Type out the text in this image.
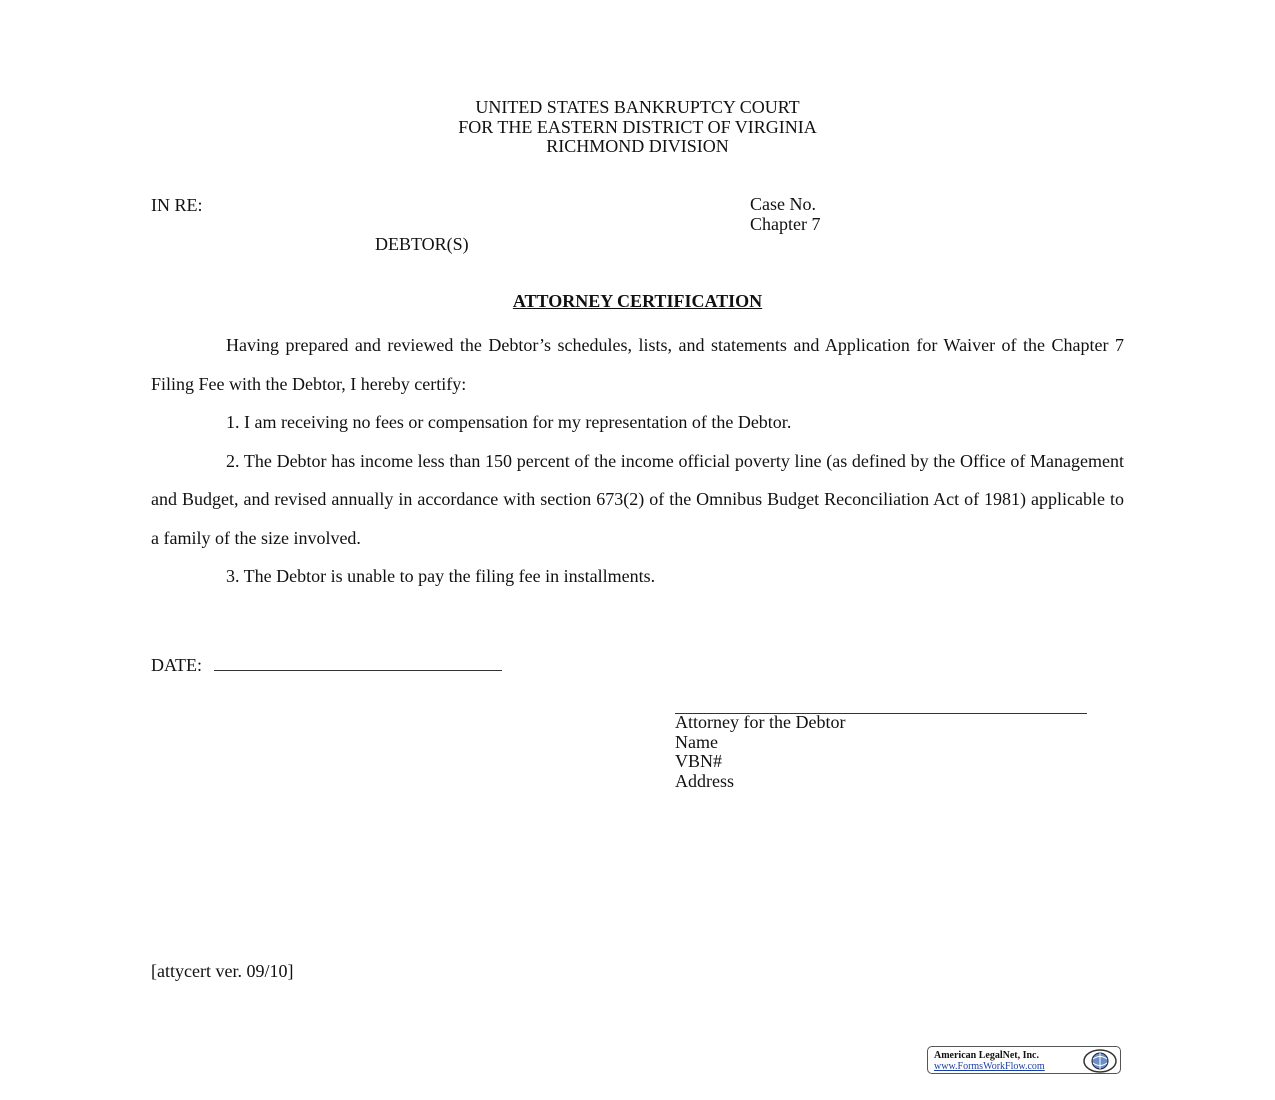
UNITED STATES BANKRUPTCY COURT
FOR THE EASTERN DISTRICT OF VIRGINIA
RICHMOND DIVISION
IN RE:
DEBTOR(S)
Case No.
Chapter 7
ATTORNEY CERTIFICATION

Having prepared and reviewed the Debtor’s schedules, lists, and statements and Application for Waiver of the Chapter 7 Filing Fee with the Debtor, I hereby certify:

1. I am receiving no fees or compensation for my representation of the Debtor.

2. The Debtor has income less than 150 percent of the income official poverty line (as defined by the Office of Management and Budget, and revised annually in accordance with section 673(2) of the Omnibus Budget Reconciliation Act of 1981) applicable to a family of the size involved.

3. The Debtor is unable to pay the filing fee in installments.

DATE:
Attorney for the Debtor
Name
VBN#
Address
[attycert ver. 09/10]
American LegalNet, Inc.
www.FormsWorkFlow.com
